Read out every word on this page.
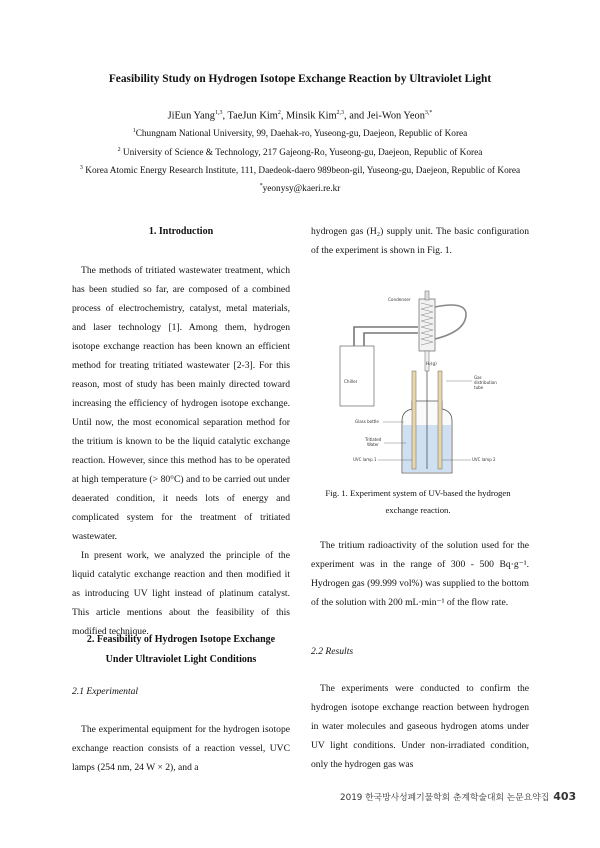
Feasibility Study on Hydrogen Isotope Exchange Reaction by Ultraviolet Light
JiEun Yang$^{1,3}$, TaeJun Kim$^2$, Minsik Kim$^{2,3}$, and Jei-Won Yeon$^{3,*}$
$^1$Chungnam National University, 99, Daehak-ro, Yuseong-gu, Daejeon, Republic of Korea
$^2$ University of Science & Technology, 217 Gajeong-Ro, Yuseong-gu, Daejeon, Republic of Korea
$^3$ Korea Atomic Energy Research Institute, 111, Daedeok-daero 989beon-gil, Yuseong-gu, Daejeon, Republic of Korea
*yeonysy@kaeri.re.kr
1. Introduction

The methods of tritiated wastewater treatment, which has been studied so far, are composed of a combined process of electrochemistry, catalyst, metal materials, and laser technology [1]. Among them, hydrogen isotope exchange reaction has been known an efficient method for treating tritiated wastewater [2-3]. For this reason, most of study has been mainly directed toward increasing the efficiency of hydrogen isotope exchange. Until now, the most economical separation method for the tritium is known to be the liquid catalytic exchange reaction. However, since this method has to be operated at high temperature (> 80°C) and to be carried out under deaerated condition, it needs lots of energy and complicated system for the treatment of tritiated wastewater.

In present work, we analyzed the principle of the liquid catalytic exchange reaction and then modified it as introducing UV light instead of platinum catalyst. This article mentions about the feasibility of this modified technique.

2. Feasibility of Hydrogen Isotope Exchange
Under Ultraviolet Light Conditions
2.1 Experimental

The experimental equipment for the hydrogen isotope exchange reaction consists of a reaction vessel, UVC lamps (254 nm, 24 W × 2), and a

hydrogen gas (H₂) supply unit. The basic configuration of the experiment is shown in Fig. 1.

Chiller
Condenser
H₂(g)
Gas
distribution
tube
Glass bottle
Tritiated
Water
UVC lamp 1	UVC lamp 2
Fig. 1. Experiment system of UV-based the hydrogen
exchange reaction.

The tritium radioactivity of the solution used for the experiment was in the range of 300 - 500 Bq·g⁻¹. Hydrogen gas (99.999 vol%) was supplied to the bottom of the solution with 200 mL·min⁻¹ of the flow rate.

2.2 Results

The experiments were conducted to confirm the hydrogen isotope exchange reaction between hydrogen in water molecules and gaseous hydrogen atoms under UV light conditions. Under non-irradiated condition, only the hydrogen gas was

2019 한국방사성폐기물학회 춘계학술대회 논문요약집 403
